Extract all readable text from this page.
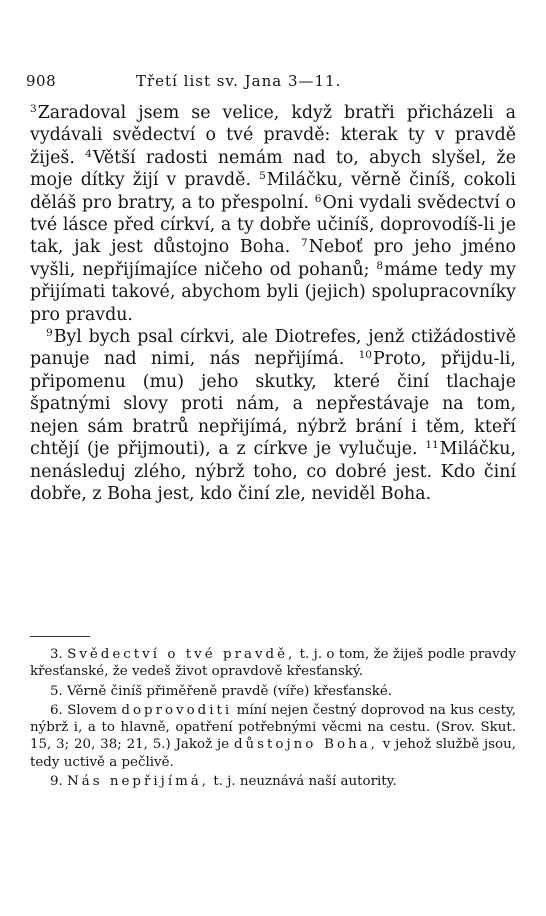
908	Třetí list sv. Jana 3—11.

$^3$Zaradoval jsem se velice, když bratři přicházeli a vydávali svědectví o tvé pravdě: kterak ty v pravdě žiješ. $^4$Větší radosti nemám nad to, abych slyšel, že moje dítky žijí v pravdě. $^5$Miláčku, věrně činíš, cokoli děláš pro bratry, a to přespolní. $^6$Oni vydali svědectví o tvé lásce před církví, a ty dobře učiníš, doprovodíš-li je tak, jak jest důstojno Boha. $^7$Neboť pro jeho jméno vyšli, nepřijímajíce ničeho od pohanů; $^8$máme tedy my přijímati takové, abychom byli (jejich) spolupracovníky pro pravdu.

$^9$Byl bych psal církvi, ale Diotrefes, jenž ctižádostivě panuje nad nimi, nás nepřijímá. $^{10}$Proto, přijdu-li, připomenu (mu) jeho skutky, které činí tlachaje špatnými slovy proti nám, a nepřestávaje na tom, nejen sám bratrů nepřijímá, nýbrž brání i těm, kteří chtějí (je přijmouti), a z církve je vylučuje. $^{11}$Miláčku, nenásleduj zlého, nýbrž toho, co dobré jest. Kdo činí dobře, z Boha jest, kdo činí zle, neviděl Boha.

3. Svědectví o tvé pravdě, t. j. o tom, že žiješ podle pravdy křesťanské, že vedeš život opravdově křesťanský.

5. Věrně činíš přiměřeně pravdě (víře) křesťanské.

6. Slovem doprovoditi míní nejen čestný doprovod na kus cesty, nýbrž i, a to hlavně, opatření potřebnými věcmi na cestu. (Srov. Skut. 15, 3; 20, 38; 21, 5.) Jakož je důstojno Boha, v jehož službě jsou, tedy uctivě a pečlivě.

9. Nás nepřijímá, t. j. neuznává naší autority.
